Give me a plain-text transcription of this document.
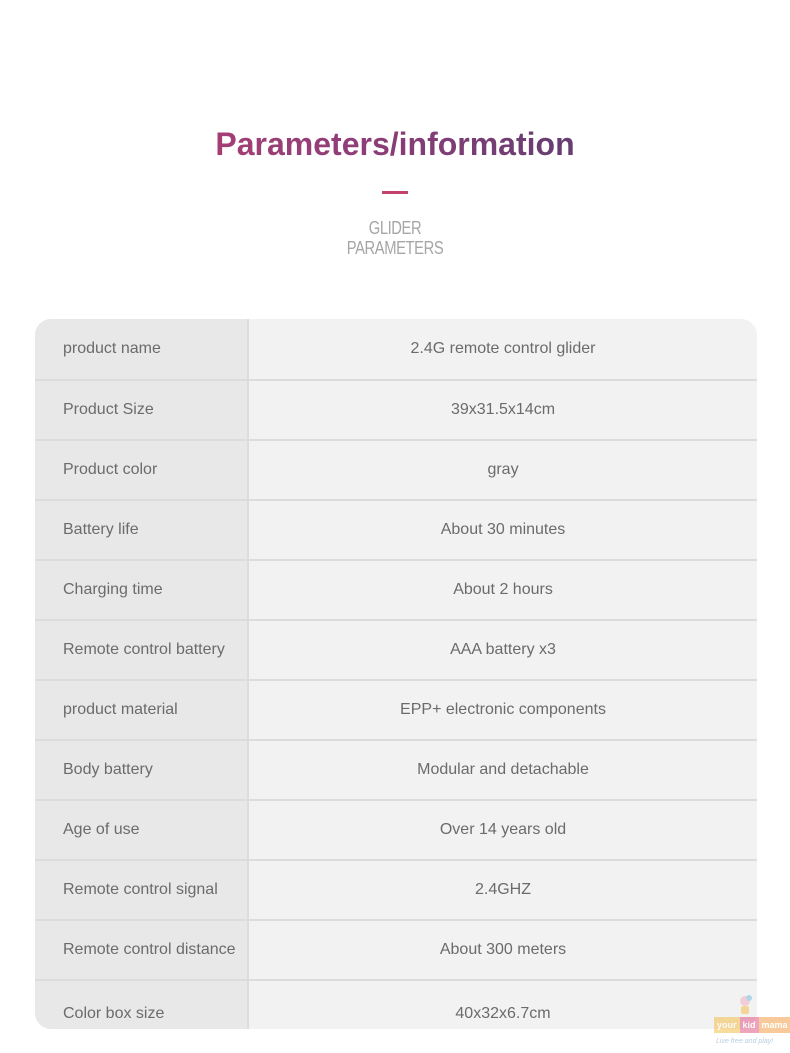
Parameters/information
GLIDER
PARAMETERS
product name	2.4G remote control glider
Product Size	39x31.5x14cm
Product color	gray
Battery life	About 30 minutes
Charging time	About 2 hours
Remote control battery	AAA battery x3
product material	EPP+ electronic components
Body battery	Modular and detachable
Age of use	Over 14 years old
Remote control signal	2.4GHZ
Remote control distance	About 300 meters
Color box size	40x32x6.7cm
your kid mama
Live free and play!
